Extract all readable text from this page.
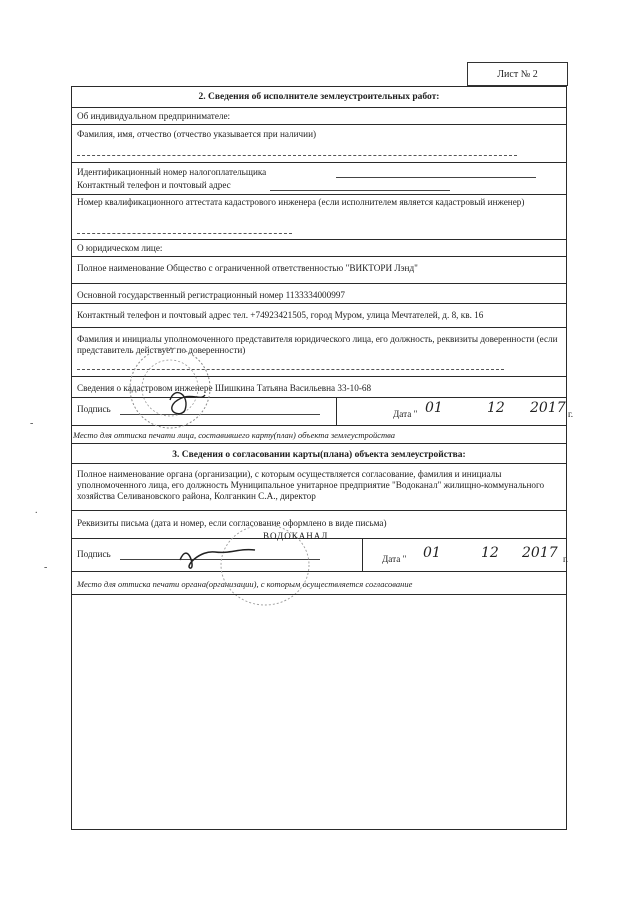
Лист № 2
2. Сведения об исполнителе землеустроительных работ:
Об индивидуальном предпринимателе:
Фамилия, имя, отчество (отчество указывается при наличии)
Идентификационный номер налогоплательщика
Контактный телефон и почтовый адрес
Номер квалификационного аттестата кадастрового инженера (если исполнителем является кадастровый инженер)
О юридическом лице:
Полное наименование Общество с ограниченной ответственностью "ВИКТОРИ Лэнд"
Основной государственный регистрационный номер 1133334000997
Контактный телефон и почтовый адрес тел. +74923421505, город Муром, улица Мечтателей, д. 8, кв. 16
Фамилия и инициалы уполномоченного представителя юридического лица, его должность, реквизиты доверенности (если представитель действует по доверенности)
Сведения о кадастровом инженере Шишкина Татьяна Васильевна 33-10-68
Подпись	Дата " 01	12 2017 г.
Место для оттиска печати лица, составившего карту(план) объекта землеустройства
3. Сведения о согласовании карты(плана) объекта землеустройства:
Полное наименование органа (организации), с которым осуществляется согласование, фамилия и инициалы уполномоченного лица, его должность Муниципальное унитарное предприятие "Водоканал" жилищно-коммунального хозяйства Селивановского района, Колганкин С.А., директор
Реквизиты письма (дата и номер, если согласование оформлено в виде письма)
Подпись	Дата " 01	12 2017 г.
ВОДОКАНАЛ
Место для оттиска печати органа(организации), с которым осуществляется согласование
-
.
-
